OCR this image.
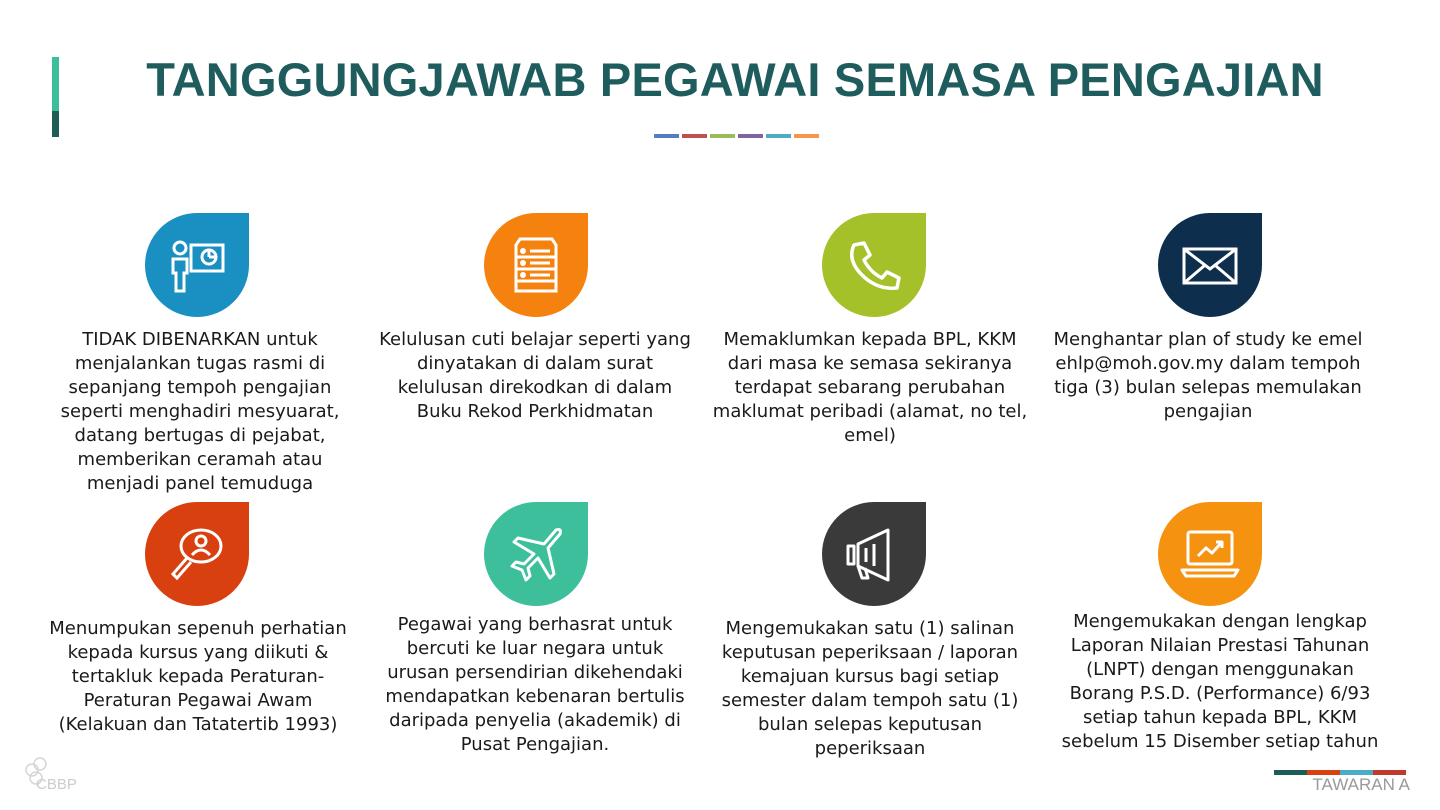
TANGGUNGJAWAB PEGAWAI SEMASA PENGAJIAN
TIDAK DIBENARKAN untuk menjalankan tugas rasmi di sepanjang tempoh pengajian seperti menghadiri mesyuarat, datang bertugas di pejabat, memberikan ceramah atau menjadi panel temuduga
Kelulusan cuti belajar seperti yang dinyatakan di dalam surat kelulusan direkodkan di dalam Buku Rekod Perkhidmatan
Memaklumkan kepada BPL, KKM dari masa ke semasa sekiranya terdapat sebarang perubahan maklumat peribadi (alamat, no tel, emel)
Menghantar plan of study ke emel ehlp@moh.gov.my dalam tempoh tiga (3) bulan selepas memulakan pengajian
Menumpukan sepenuh perhatian kepada kursus yang diikuti & tertakluk kepada Peraturan-Peraturan Pegawai Awam (Kelakuan dan Tatatertib 1993)
Pegawai yang berhasrat untuk bercuti ke luar negara untuk urusan persendirian dikehendaki mendapatkan kebenaran bertulis daripada penyelia (akademik) di Pusat Pengajian.
Mengemukakan satu (1) salinan keputusan peperiksaan / laporan kemajuan kursus bagi setiap semester dalam tempoh satu (1) bulan selepas keputusan peperiksaan
Mengemukakan dengan lengkap Laporan Nilaian Prestasi Tahunan (LNPT) dengan menggunakan Borang P.S.D. (Performance) 6/93 setiap tahun kepada BPL, KKM sebelum 15 Disember setiap tahun
CBBP	TAWARAN A
